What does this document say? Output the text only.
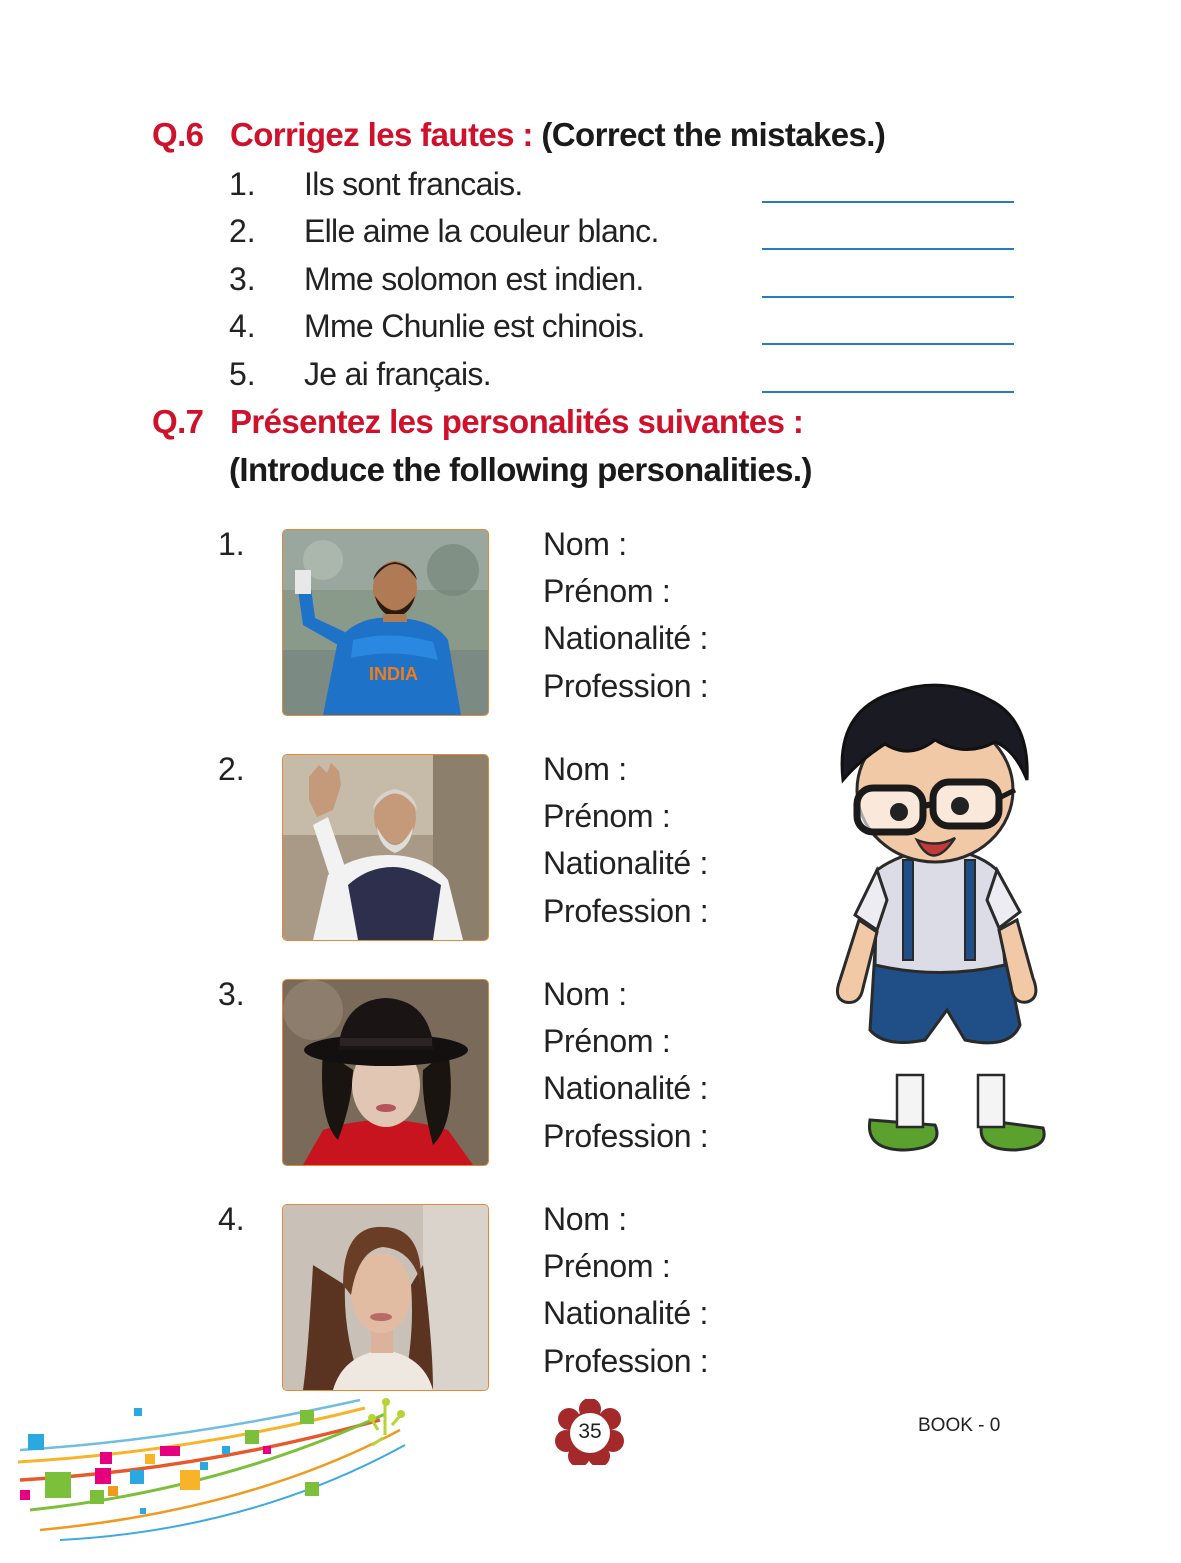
Q.6 Corrigez les fautes : (Correct the mistakes.)
1. Ils sont francais.
2. Elle aime la couleur blanc.
3. Mme solomon est indien.
4. Mme Chunlie est chinois.
5. Je ai français.
Q.7 Présentez les personalités suivantes :
(Introduce the following personalities.)
1.
INDIA
Nom :
Prénom :
Nationalité :
Profession :
2.	Nom :
Prénom :
Nationalité :
Profession :
3.	Nom :
Prénom :
Nationalité :
Profession :
4.	Nom :
Prénom :
Nationalité :
Profession :
35	BOOK - 0
